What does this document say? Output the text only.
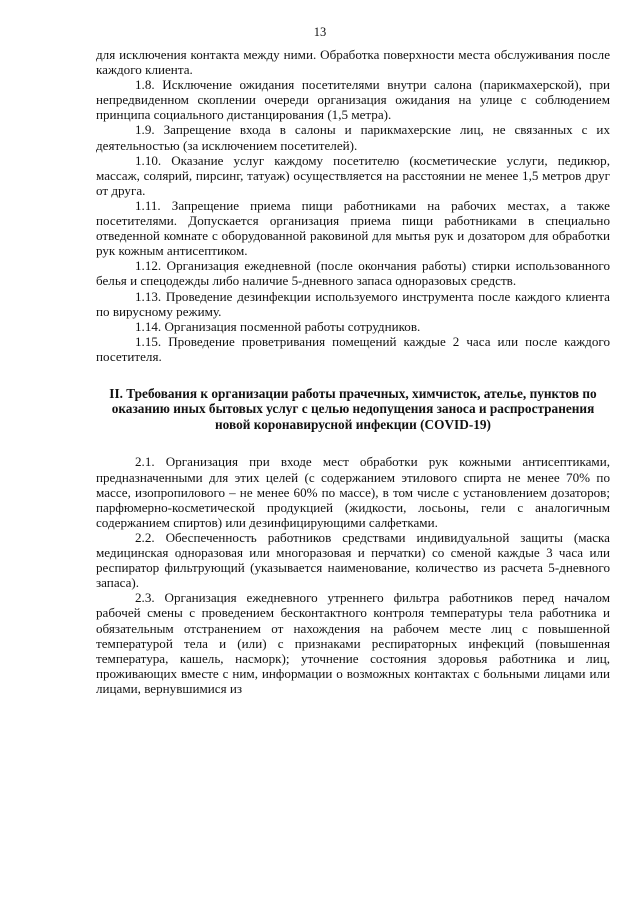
13

для исключения контакта между ними. Обработка поверхности места обслуживания после каждого клиента.

1.8. Исключение ожидания посетителями внутри салона (парикмахерской), при непредвиденном скоплении очереди организация ожидания на улице с соблюдением принципа социального дистанцирования (1,5 метра).

1.9. Запрещение входа в салоны и парикмахерские лиц, не связанных с их деятельностью (за исключением посетителей).

1.10. Оказание услуг каждому посетителю (косметические услуги, педикюр, массаж, солярий, пирсинг, татуаж) осуществляется на расстоянии не менее 1,5 метров друг от друга.

1.11. Запрещение приема пищи работниками на рабочих местах, а также посетителями. Допускается организация приема пищи работниками в специально отведенной комнате с оборудованной раковиной для мытья рук и дозатором для обработки рук кожным антисептиком.

1.12. Организация ежедневной (после окончания работы) стирки использованного белья и спецодежды либо наличие 5-дневного запаса одноразовых средств.

1.13. Проведение дезинфекции используемого инструмента после каждого клиента по вирусному режиму.

1.14. Организация посменной работы сотрудников.

1.15. Проведение проветривания помещений каждые 2 часа или после каждого посетителя.

II. Требования к организации работы прачечных, химчисток, ателье, пунктов по оказанию иных бытовых услуг с целью недопущения заноса и распространения новой коронавирусной инфекции (COVID-19)

2.1. Организация при входе мест обработки рук кожными антисептиками, предназначенными для этих целей (с содержанием этилового спирта не менее 70% по массе, изопропилового – не менее 60% по массе), в том числе с установлением дозаторов; парфюмерно-косметической продукцией (жидкости, лосьоны, гели с аналогичным содержанием спиртов) или дезинфицирующими салфетками.

2.2. Обеспеченность работников средствами индивидуальной защиты (маска медицинская одноразовая или многоразовая и перчатки) со сменой каждые 3 часа или респиратор фильтрующий (указывается наименование, количество из расчета 5-дневного запаса).

2.3. Организация ежедневного утреннего фильтра работников перед началом рабочей смены с проведением бесконтактного контроля температуры тела работника и обязательным отстранением от нахождения на рабочем месте лиц с повышенной температурой тела и (или) с признаками респираторных инфекций (повышенная температура, кашель, насморк); уточнение состояния здоровья работника и лиц, проживающих вместе с ним, информации о возможных контактах с больными лицами или лицами, вернувшимися из
